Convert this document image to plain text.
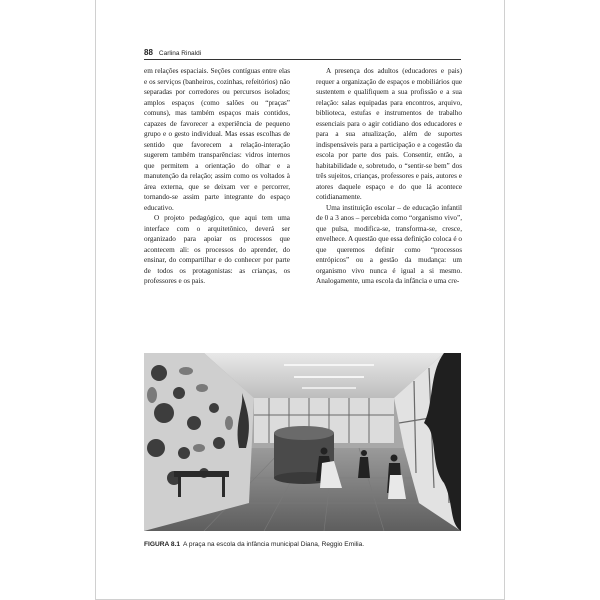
88 Carlina Rinaldi

em relações espaciais. Seções contíguas entre elas e os serviços (banheiros, cozinhas, refeitórios) não separadas por corredores ou percursos isolados; amplos espaços (como salões ou “praças” comuns), mas também espaços mais contidos, capazes de favorecer a experiência de pequeno grupo e o gesto individual. Mas essas escolhas de sentido que favorecem a relação-interação sugerem também transparências: vidros internos que permitem a orientação do olhar e a manutenção da relação; assim como os voltados à área externa, que se deixam ver e percorrer, tornando-se assim parte integrante do espaço educativo.

O projeto pedagógico, que aqui tem uma interface com o arquitetônico, deverá ser organizado para apoiar os processos que acontecem ali: os processos do aprender, do ensinar, do compartilhar e do conhecer por parte de todos os protagonistas: as crianças, os professores e os pais.

A presença dos adultos (educadores e pais) requer a organização de espaços e mobiliários que sustentem e qualifiquem a sua profissão e a sua relação: salas equipadas para encontros, arquivo, biblioteca, estufas e instrumentos de trabalho essenciais para o agir cotidiano dos educadores e para a sua atualização, além de suportes indispensáveis para a participação e a cogestão da escola por parte dos pais. Consentir, então, a habitabilidade e, sobretudo, o “sentir-se bem” dos três sujeitos, crianças, professores e pais, autores e atores daquele espaço e do que lá acontece cotidianamente.

Uma instituição escolar – de educação infantil de 0 a 3 anos – percebida como “organismo vivo”, que pulsa, modifica-se, transforma-se, cresce, envelhece. A questão que essa definição coloca é o que queremos definir como “processos entrópicos” ou a gestão da mudança: um organismo vivo nunca é igual a si mesmo. Analogamente, uma escola da infância e uma cre-

FIGURA 8.1 A praça na escola da infância municipal Diana, Reggio Emilia.
